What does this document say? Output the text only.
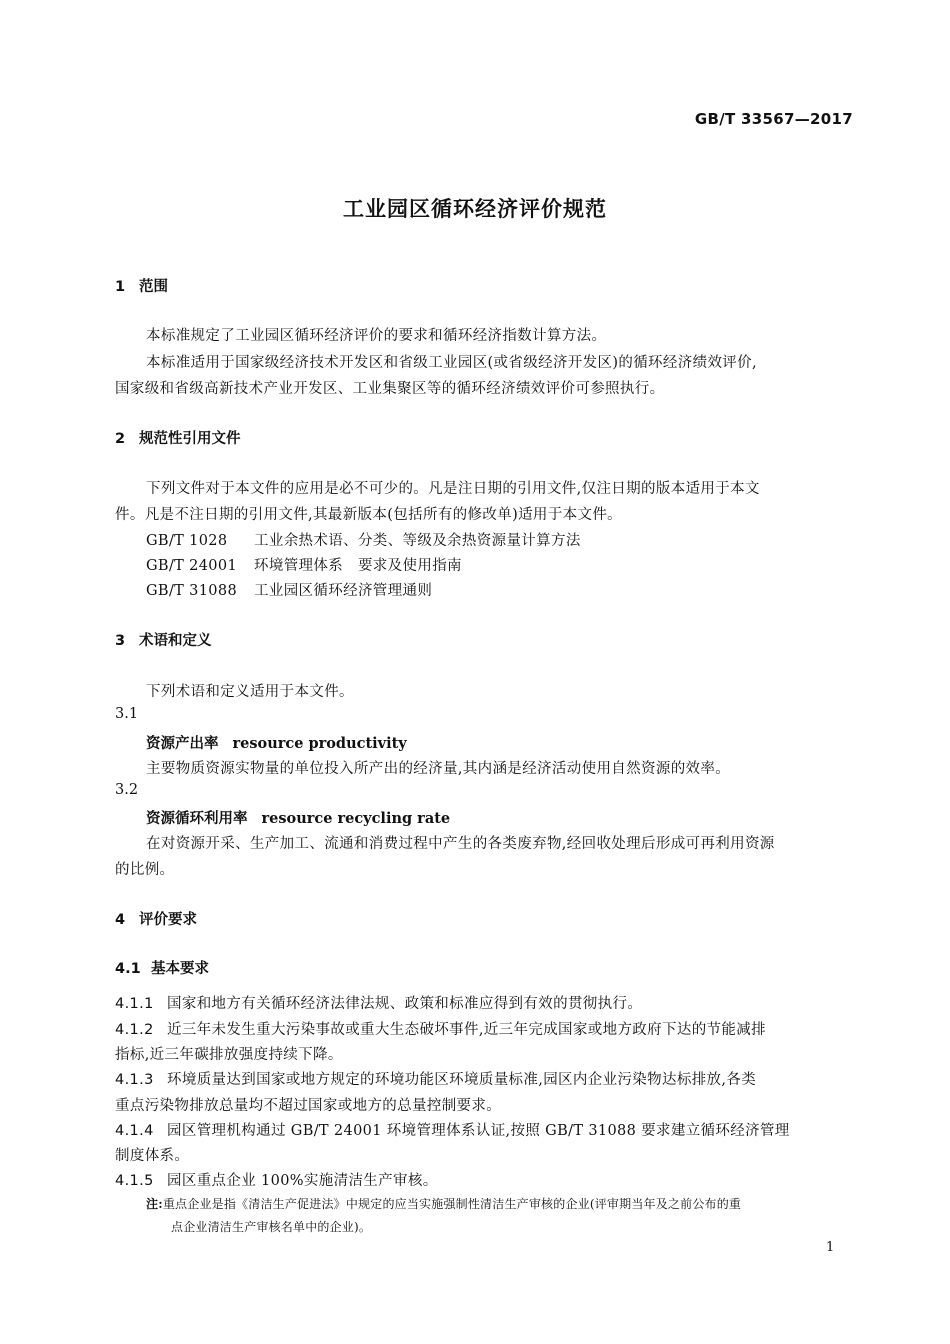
GB/T 33567—2017
工业园区循环经济评价规范
1 范围
本标准规定了工业园区循环经济评价的要求和循环经济指数计算方法。
本标准适用于国家级经济技术开发区和省级工业园区(或省级经济开发区)的循环经济绩效评价,
国家级和省级高新技术产业开发区、工业集聚区等的循环经济绩效评价可参照执行。
2 规范性引用文件
下列文件对于本文件的应用是必不可少的。凡是注日期的引用文件,仅注日期的版本适用于本文
件。凡是不注日期的引用文件,其最新版本(包括所有的修改单)适用于本文件。
GB/T 1028 工业余热术语、分类、等级及余热资源量计算方法
GB/T 24001 环境管理体系　要求及使用指南
GB/T 31088 工业园区循环经济管理通则
3 术语和定义
下列术语和定义适用于本文件。
3.1
资源产出率 resource productivity
主要物质资源实物量的单位投入所产出的经济量,其内涵是经济活动使用自然资源的效率。
3.2
资源循环利用率 resource recycling rate
在对资源开采、生产加工、流通和消费过程中产生的各类废弃物,经回收处理后形成可再利用资源
的比例。
4 评价要求
4.1 基本要求
4.1.1 国家和地方有关循环经济法律法规、政策和标准应得到有效的贯彻执行。
4.1.2 近三年未发生重大污染事故或重大生态破坏事件,近三年完成国家或地方政府下达的节能减排
指标,近三年碳排放强度持续下降。
4.1.3 环境质量达到国家或地方规定的环境功能区环境质量标准,园区内企业污染物达标排放,各类
重点污染物排放总量均不超过国家或地方的总量控制要求。
4.1.4 园区管理机构通过 GB/T 24001 环境管理体系认证,按照 GB/T 31088 要求建立循环经济管理
制度体系。
4.1.5 园区重点企业 100%实施清洁生产审核。
注:重点企业是指《清洁生产促进法》中规定的应当实施强制性清洁生产审核的企业(评审期当年及之前公布的重
点企业清洁生产审核名单中的企业)。
1
